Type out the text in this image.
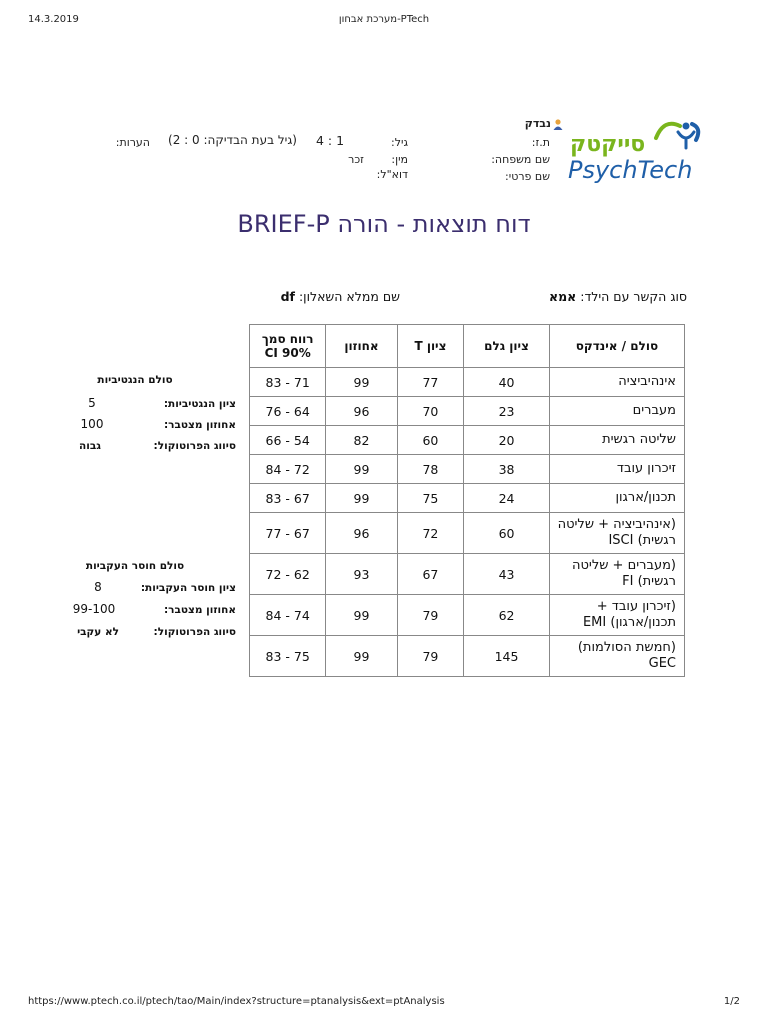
14.3.2019	מערכת אבחון-PTech
סייקטק
PsychTech
נבדק
ת.ז:
שם משפחה:
שם פרטי:
גיל:
1 : 4
(גיל בעת הבדיקה: 0 : 2)
הערות:
מין:
זכר
דוא"ל:
דוח תוצאות - הורה BRIEF-P
סוג הקשר עם הילד: אמא
שם ממלא השאלון: df
סולם / אינדקס	ציון גלם	ציון T	אחוזון	רווח סמך CI 90%
אינהיביציה	40	77	99	71 - 83
מעברים	23	70	96	64 - 76
שליטה רגשית	20	60	82	54 - 66
זיכרון עובד	38	78	99	72 - 84
תכנון/ארגון	24	75	99	67 - 83
(אינהיביציה + שליטה רגשית) ISCI	60	72	96	67 - 77
(מעברים + שליטה רגשית) FI	43	67	93	62 - 72
(זיכרון עובד + תכנון/ארגון) EMI	62	79	99	74 - 84
(חמשת הסולמות) GEC	145	79	99	75 - 83
סולם הנגטיביות
ציון הנגטיביות:
5
אחוזון מצטבר:
100
סיווג הפרוטוקול:
גבוה
סולם חוסר העקביות
ציון חוסר העקביות:
8
אחוזון מצטבר:
99-100
סיווג הפרוטוקול:
לא עקבי
https://www.ptech.co.il/ptech/tao/Main/index?structure=ptanalysis&ext=ptAnalysis	1/2
